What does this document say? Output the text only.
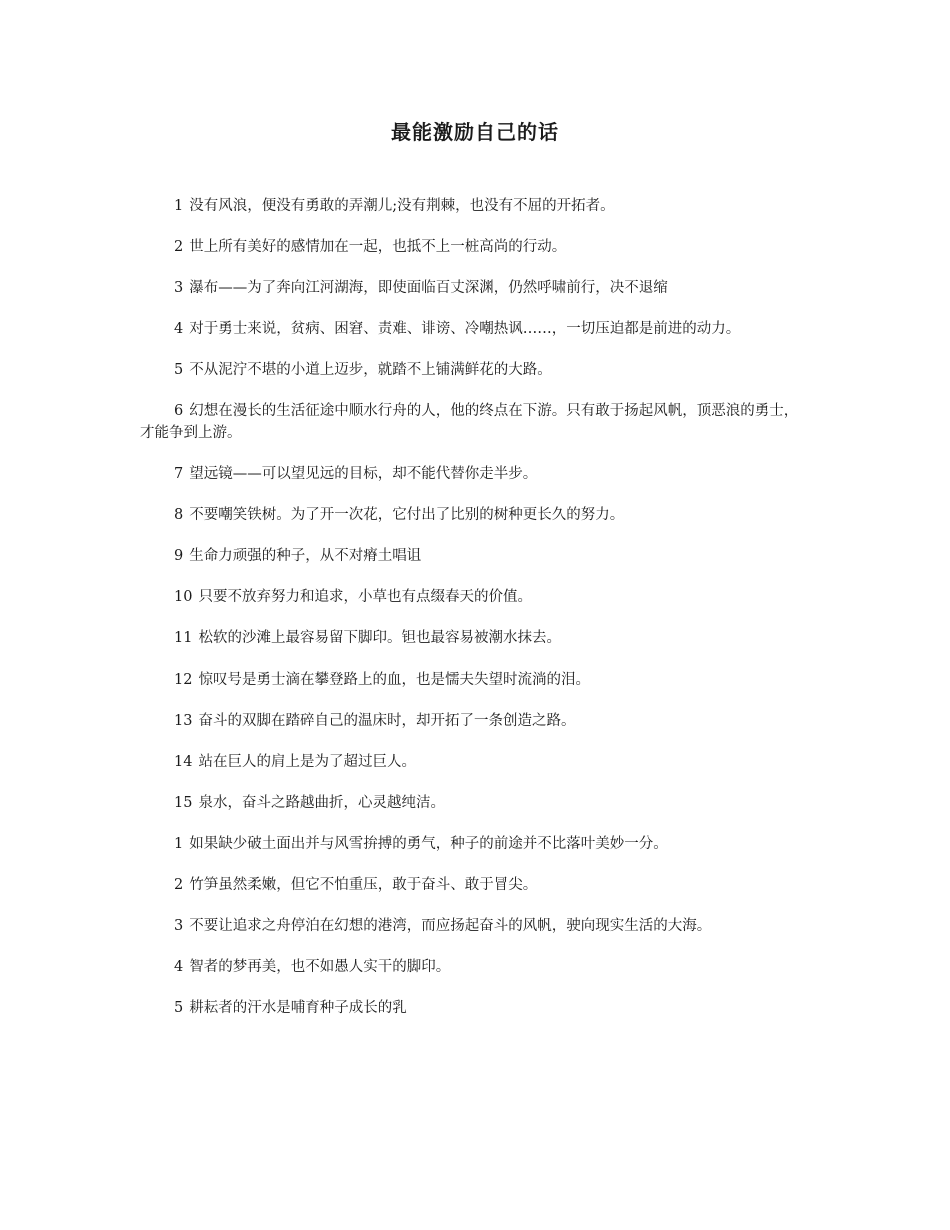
最能激励自己的话

1 没有风浪，便没有勇敢的弄潮儿;没有荆棘，也没有不屈的开拓者。

2 世上所有美好的感情加在一起，也抵不上一桩高尚的行动。

3 瀑布——为了奔向江河湖海，即使面临百丈深渊，仍然呼啸前行，决不退缩

4 对于勇士来说，贫病、困窘、责难、诽谤、冷嘲热讽……，一切压迫都是前进的动力。

5 不从泥泞不堪的小道上迈步，就踏不上铺满鲜花的大路。

6 幻想在漫长的生活征途中顺水行舟的人，他的终点在下游。只有敢于扬起风帆，顶恶浪的勇士，才能争到上游。

7 望远镜——可以望见远的目标，却不能代替你走半步。

8 不要嘲笑铁树。为了开一次花，它付出了比别的树种更长久的努力。

9 生命力顽强的种子，从不对瘠土唱诅

10 只要不放弃努力和追求，小草也有点缀春天的价值。

11 松软的沙滩上最容易留下脚印。钽也最容易被潮水抹去。

12 惊叹号是勇士滴在攀登路上的血，也是懦夫失望时流淌的泪。

13 奋斗的双脚在踏碎自己的温床时，却开拓了一条创造之路。

14 站在巨人的肩上是为了超过巨人。

15 泉水，奋斗之路越曲折，心灵越纯洁。

1 如果缺少破土面出并与风雪拚搏的勇气，种子的前途并不比落叶美妙一分。

2 竹笋虽然柔嫩，但它不怕重压，敢于奋斗、敢于冒尖。

3 不要让追求之舟停泊在幻想的港湾，而应扬起奋斗的风帆，驶向现实生活的大海。

4 智者的梦再美，也不如愚人实干的脚印。

5 耕耘者的汗水是哺育种子成长的乳
